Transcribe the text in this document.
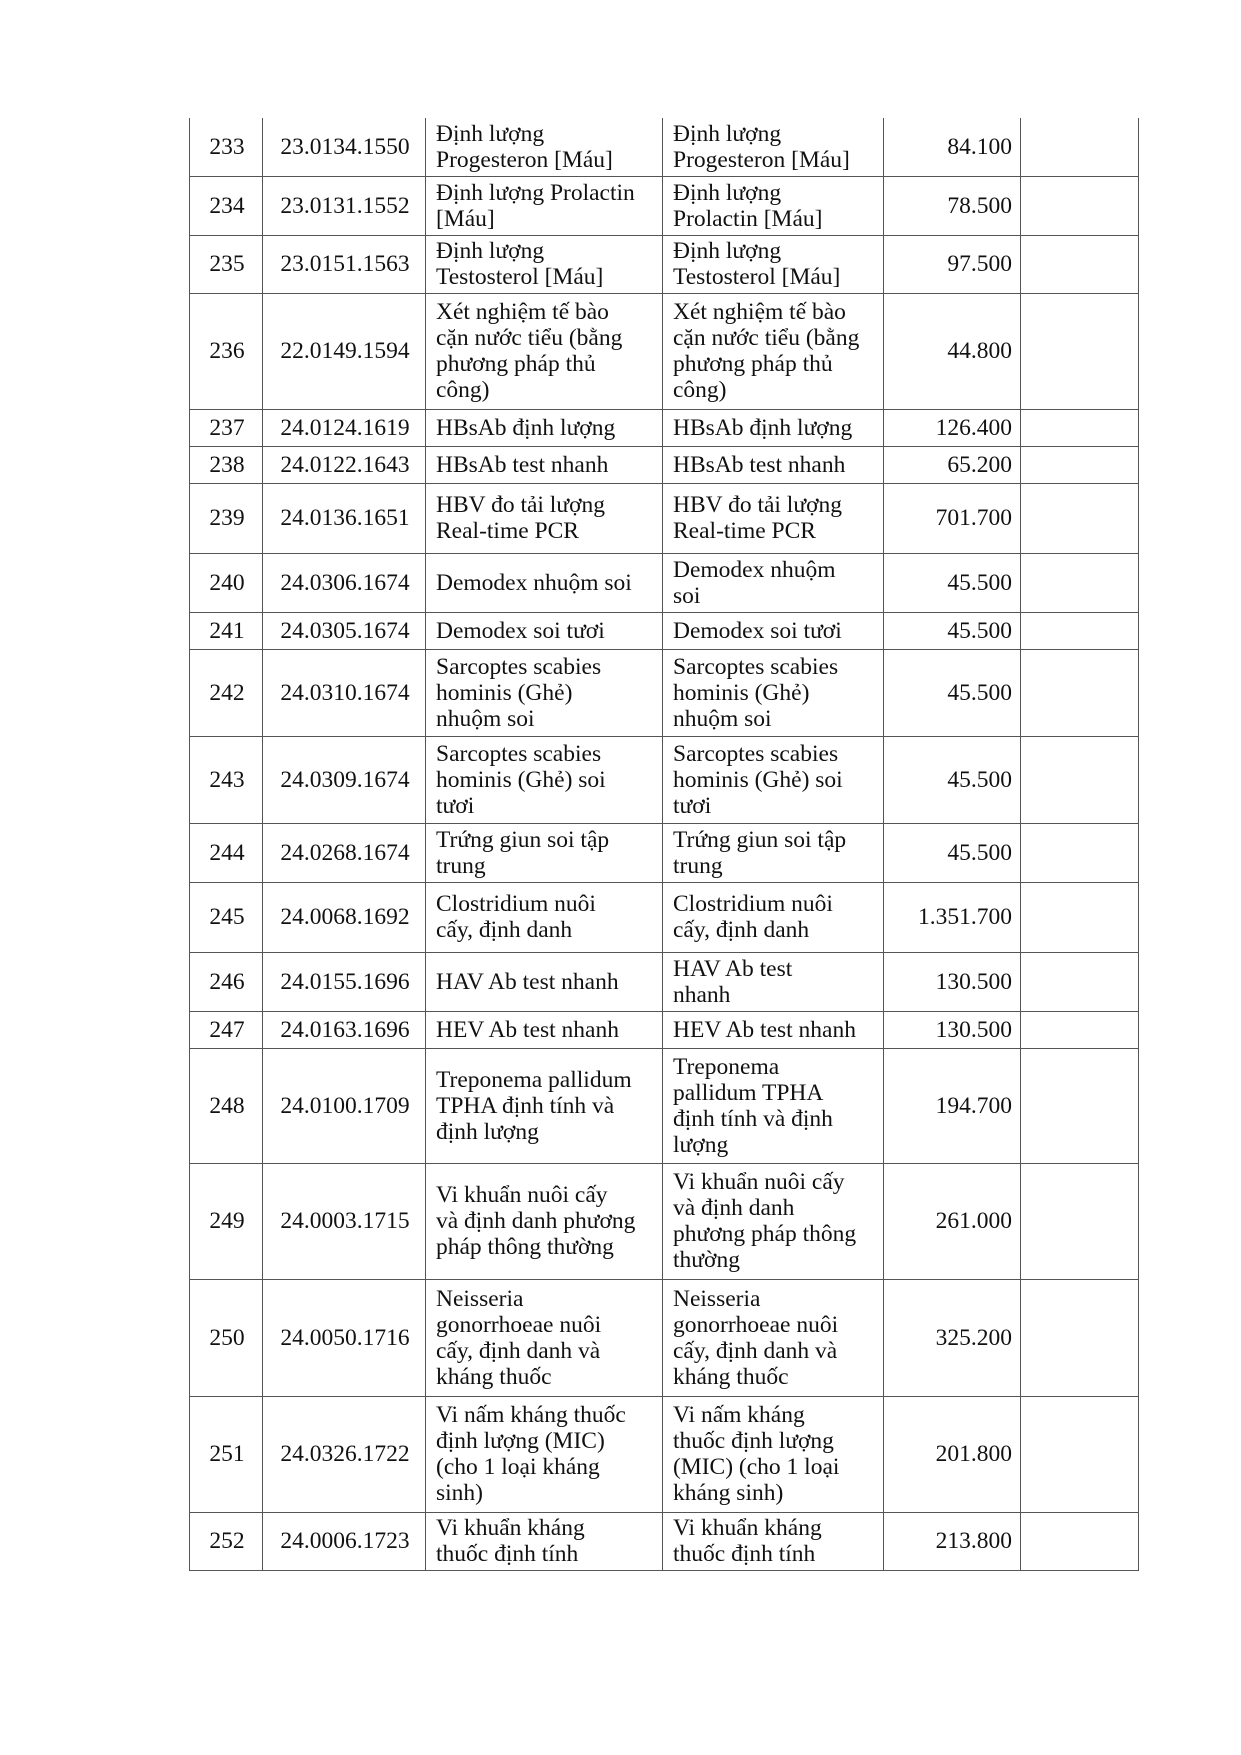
233	23.0134.1550	Định lượng
Progesteron [Máu]	Định lượng
Progesteron [Máu]	84.100	
234	23.0131.1552	Định lượng Prolactin
[Máu]	Định lượng
Prolactin [Máu]	78.500	
235	23.0151.1563	Định lượng
Testosterol [Máu]	Định lượng
Testosterol [Máu]	97.500	
236	22.0149.1594	Xét nghiệm tế bào
cặn nước tiểu (bằng
phương pháp thủ
công)	Xét nghiệm tế bào
cặn nước tiểu (bằng
phương pháp thủ
công)	44.800	
237	24.0124.1619	HBsAb định lượng	HBsAb định lượng	126.400	
238	24.0122.1643	HBsAb test nhanh	HBsAb test nhanh	65.200	
239	24.0136.1651	HBV đo tải lượng
Real-time PCR	HBV đo tải lượng
Real-time PCR	701.700	
240	24.0306.1674	Demodex nhuộm soi	Demodex nhuộm
soi	45.500	
241	24.0305.1674	Demodex soi tươi	Demodex soi tươi	45.500	
242	24.0310.1674	Sarcoptes scabies
hominis (Ghẻ)
nhuộm soi	Sarcoptes scabies
hominis (Ghẻ)
nhuộm soi	45.500	
243	24.0309.1674	Sarcoptes scabies
hominis (Ghẻ) soi
tươi	Sarcoptes scabies
hominis (Ghẻ) soi
tươi	45.500	
244	24.0268.1674	Trứng giun soi tập
trung	Trứng giun soi tập
trung	45.500	
245	24.0068.1692	Clostridium nuôi
cấy, định danh	Clostridium nuôi
cấy, định danh	1.351.700	
246	24.0155.1696	HAV Ab test nhanh	HAV Ab test
nhanh	130.500	
247	24.0163.1696	HEV Ab test nhanh	HEV Ab test nhanh	130.500	
248	24.0100.1709	Treponema pallidum
TPHA định tính và
định lượng	Treponema
pallidum TPHA
định tính và định
lượng	194.700	
249	24.0003.1715	Vi khuẩn nuôi cấy
và định danh phương
pháp thông thường	Vi khuẩn nuôi cấy
và định danh
phương pháp thông
thường	261.000	
250	24.0050.1716	Neisseria
gonorrhoeae nuôi
cấy, định danh và
kháng thuốc	Neisseria
gonorrhoeae nuôi
cấy, định danh và
kháng thuốc	325.200	
251	24.0326.1722	Vi nấm kháng thuốc
định lượng (MIC)
(cho 1 loại kháng
sinh)	Vi nấm kháng
thuốc định lượng
(MIC) (cho 1 loại
kháng sinh)	201.800	
252	24.0006.1723	Vi khuẩn kháng
thuốc định tính	Vi khuẩn kháng
thuốc định tính	213.800	
